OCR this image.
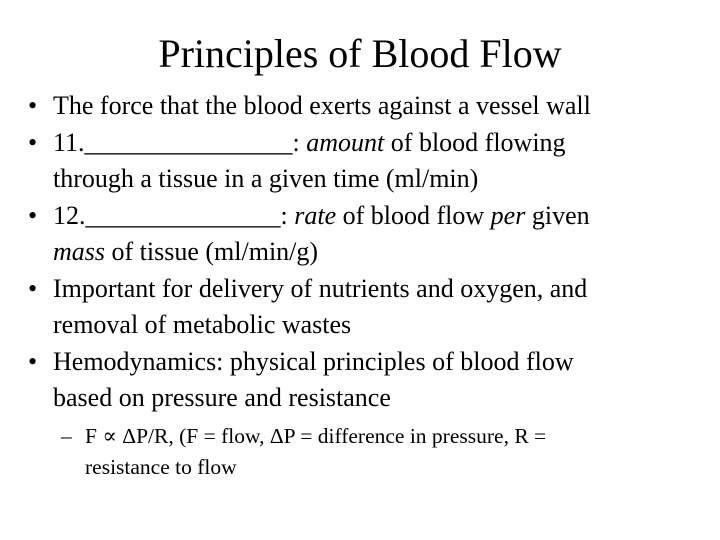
Principles of Blood Flow
• The force that the blood exerts against a vessel wall
• 11.________________: amount of blood flowing
through a tissue in a given time (ml/min)
• 12._______________: rate of blood flow per given
mass of tissue (ml/min/g)
• Important for delivery of nutrients and oxygen, and
removal of metabolic wastes
• Hemodynamics: physical principles of blood flow
based on pressure and resistance
– F ∝ ΔP/R, (F = flow, ΔP = difference in pressure, R =
resistance to flow
